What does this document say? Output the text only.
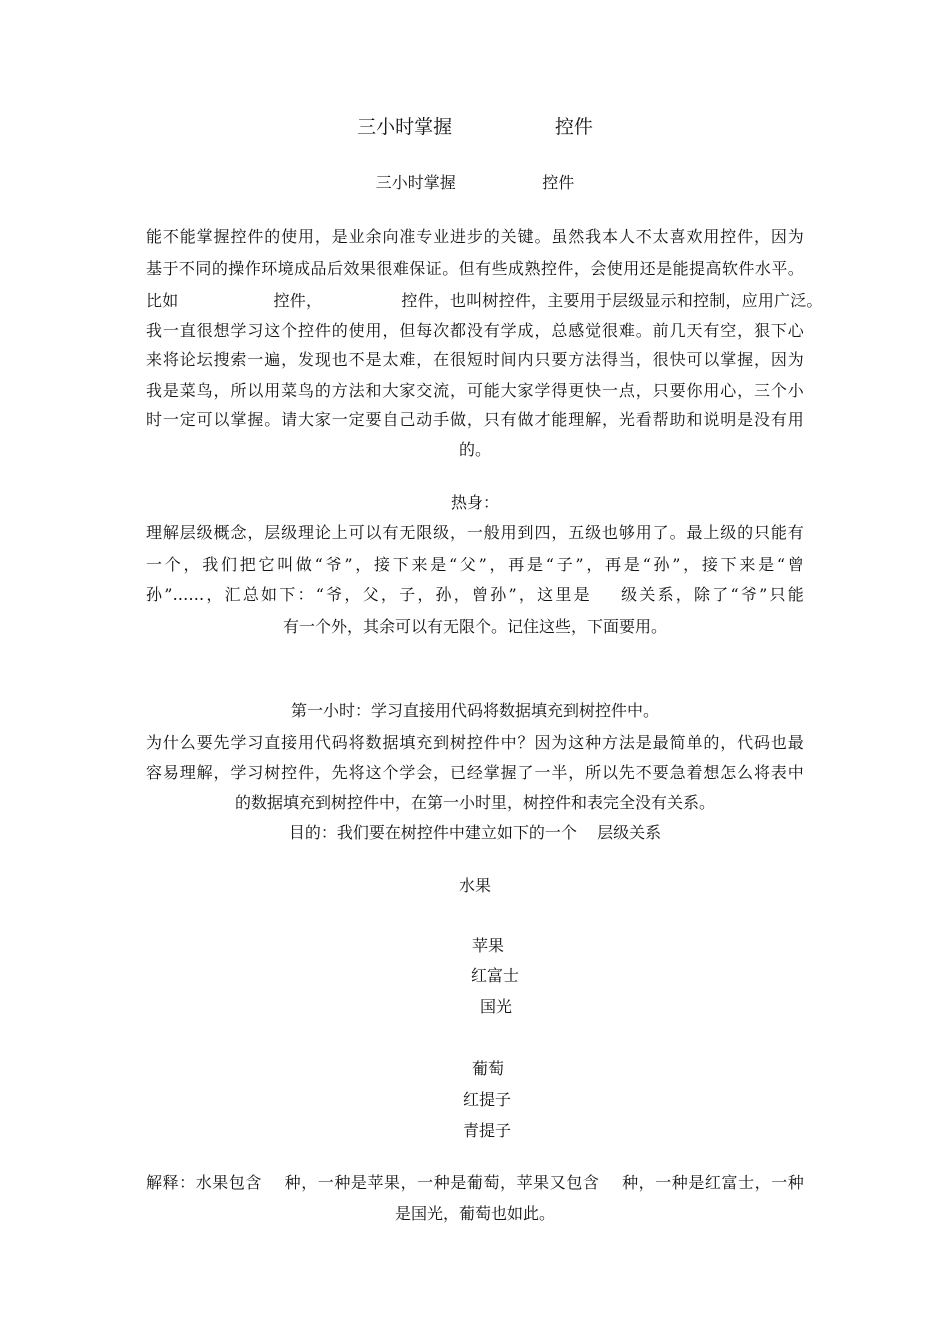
三小时掌握                 控件
三小时掌握                 控件
能不能掌握控件的使用，是业余向准专业进步的关键。虽然我本人不太喜欢用控件，因为
基于不同的操作环境成品后效果很难保证。但有些成熟控件，会使用还是能提高软件水平。
比如                  控件，               控件，也叫树控件，主要用于层级显示和控制，应用广泛。
我一直很想学习这个控件的使用，但每次都没有学成，总感觉很难。前几天有空，狠下心
来将论坛搜索一遍，发现也不是太难，在很短时间内只要方法得当，很快可以掌握，因为
我是菜鸟，所以用菜鸟的方法和大家交流，可能大家学得更快一点，只要你用心，三个小
时一定可以掌握。请大家一定要自己动手做，只有做才能理解，光看帮助和说明是没有用
的。
热身：
理解层级概念，层级理论上可以有无限级，一般用到四，五级也够用了。最上级的只能有
一个，我们把它叫做“爷”，接下来是“父”，再是“子”，再是“孙”，接下来是“曾
孙”......，汇总如下：“爷，父，子，孙，曾孙”，这里是    级关系，除了“爷”只能
有一个外，其余可以有无限个。记住这些，下面要用。
第一小时：学习直接用代码将数据填充到树控件中。
为什么要先学习直接用代码将数据填充到树控件中？因为这种方法是最简单的，代码也最
容易理解，学习树控件，先将这个学会，已经掌握了一半，所以先不要急着想怎么将表中
的数据填充到树控件中，在第一小时里，树控件和表完全没有关系。
目的：我们要在树控件中建立如下的一个    层级关系
水果
苹果
红富士
国光
葡萄
红提子
青提子
解释：水果包含    种，一种是苹果，一种是葡萄，苹果又包含    种，一种是红富士，一种
是国光，葡萄也如此。
